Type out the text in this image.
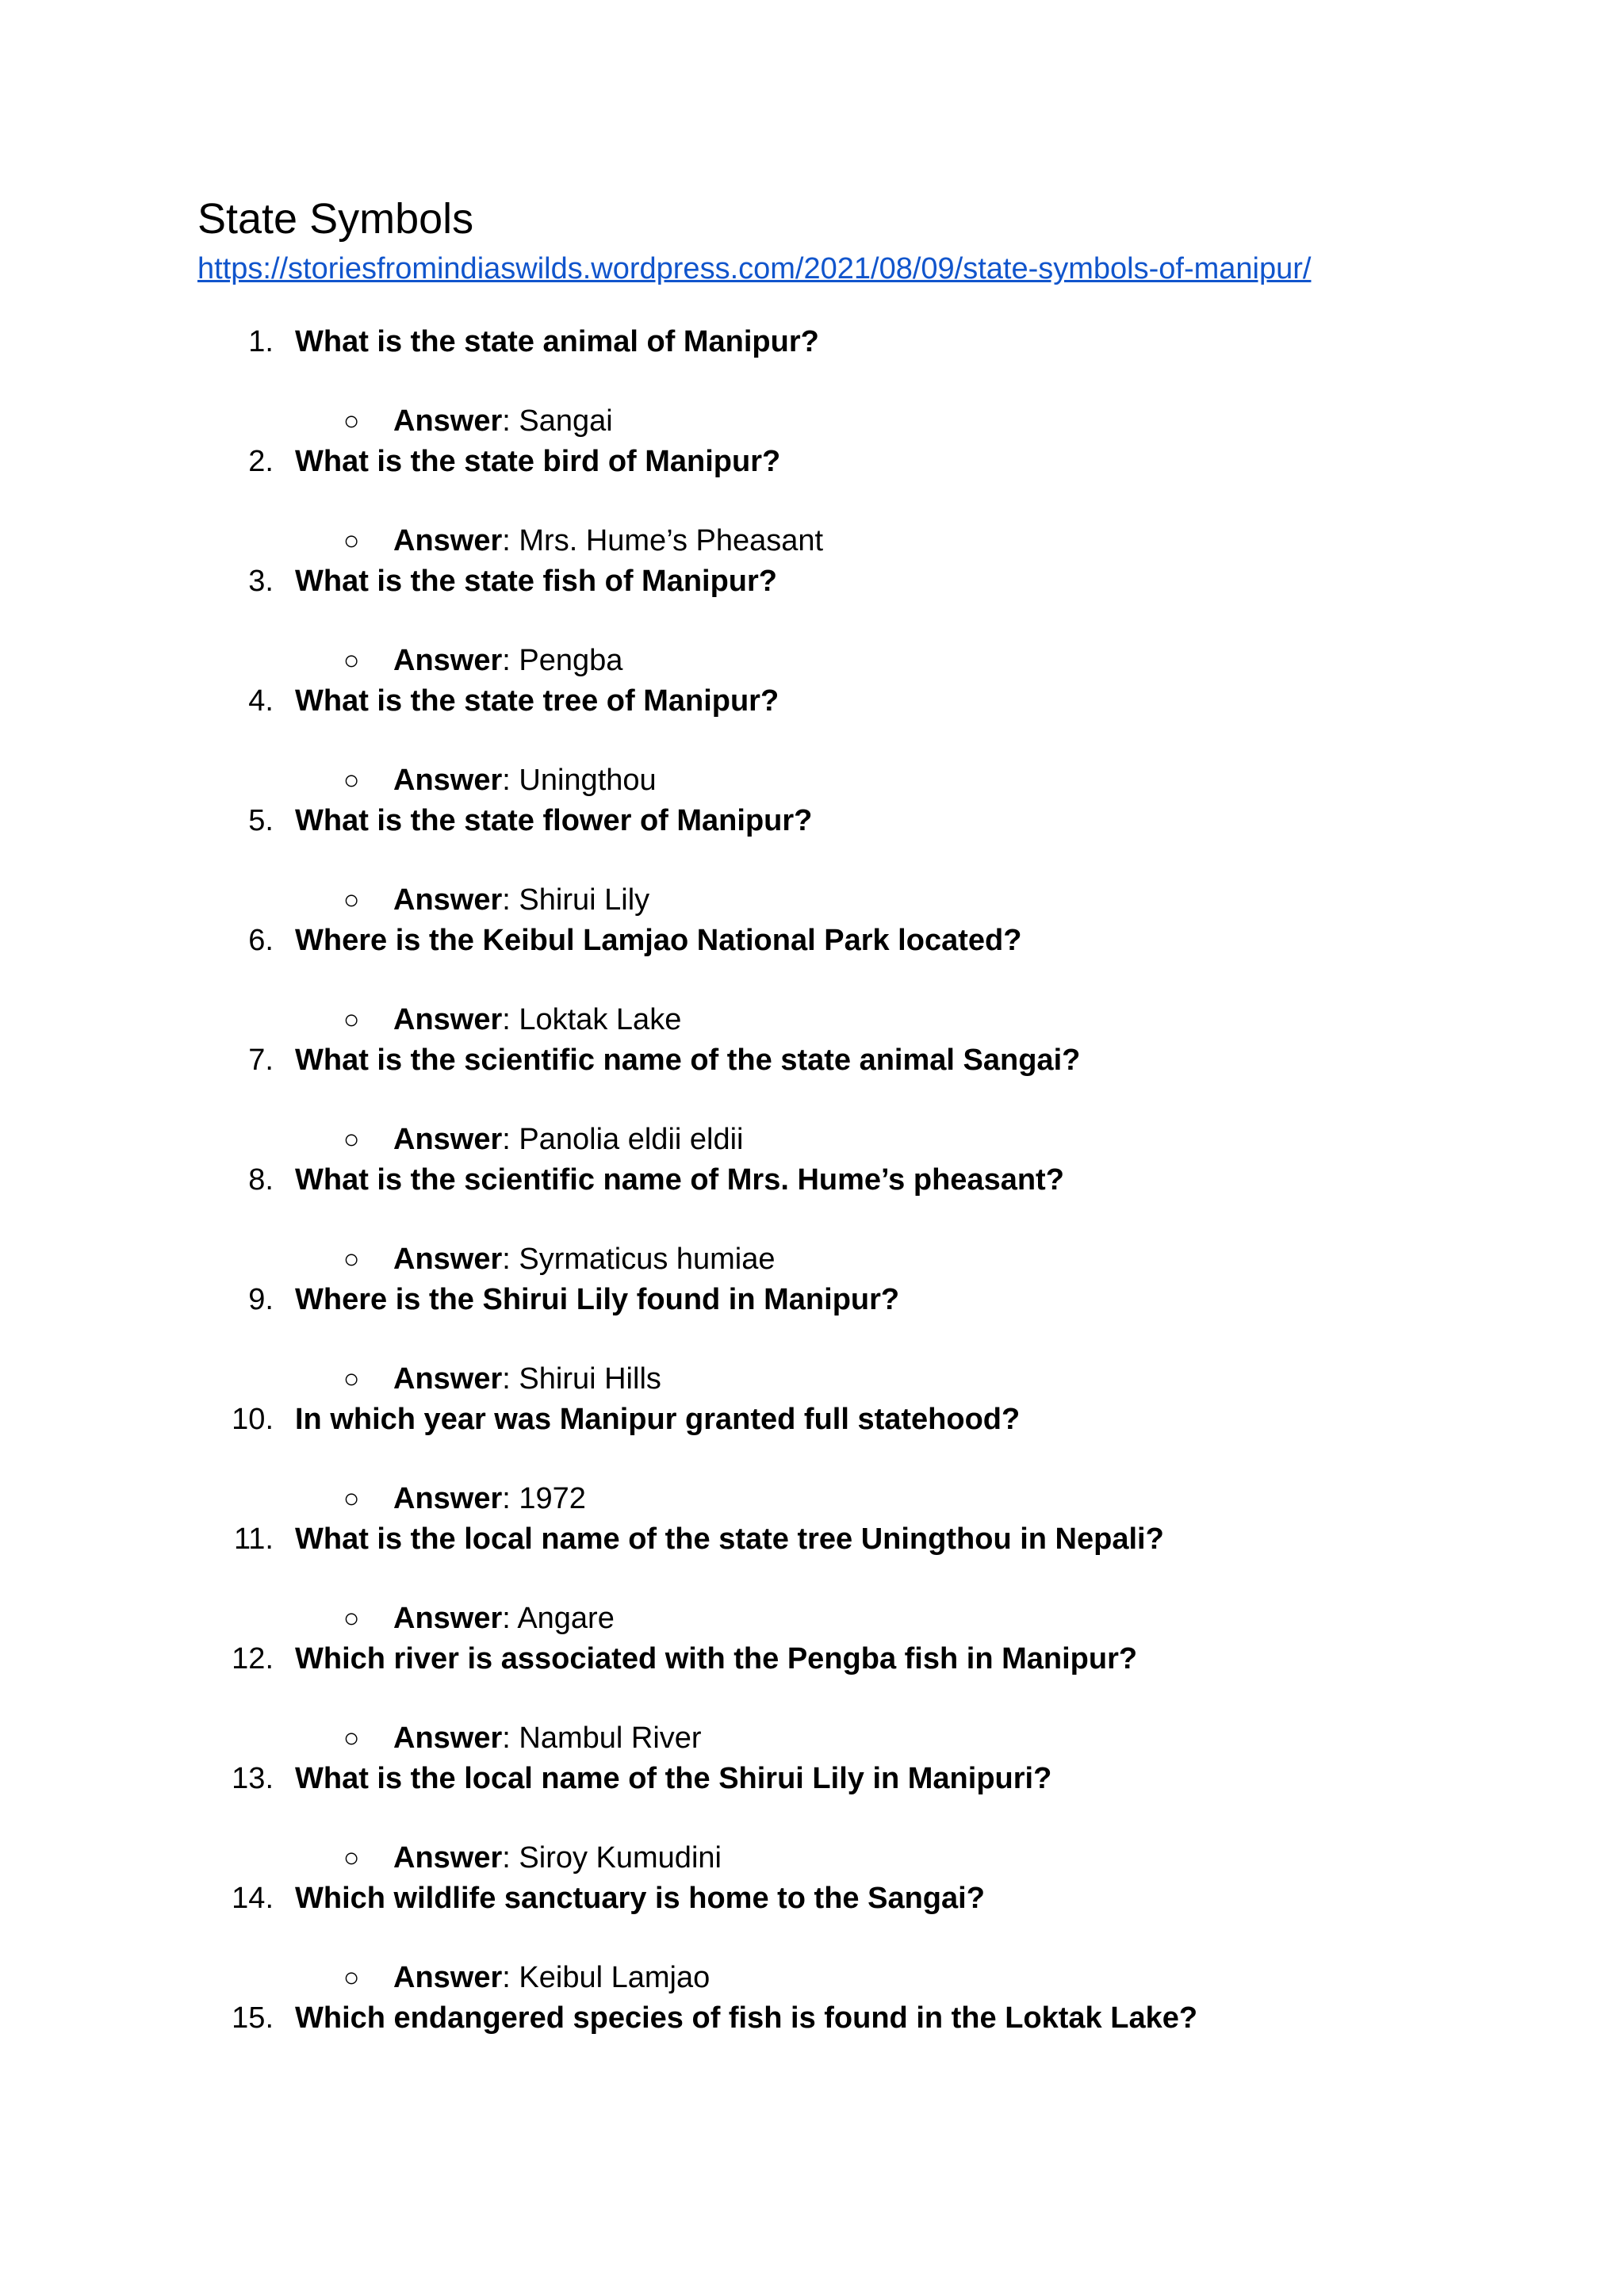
State Symbols
https://storiesfromindiaswilds.wordpress.com/2021/08/09/state-symbols-of-manipur/
1. What is the state animal of Manipur?
○ Answer: Sangai
2. What is the state bird of Manipur?
○ Answer: Mrs. Hume’s Pheasant
3. What is the state fish of Manipur?
○ Answer: Pengba
4. What is the state tree of Manipur?
○ Answer: Uningthou
5. What is the state flower of Manipur?
○ Answer: Shirui Lily
6. Where is the Keibul Lamjao National Park located?
○ Answer: Loktak Lake
7. What is the scientific name of the state animal Sangai?
○ Answer: Panolia eldii eldii
8. What is the scientific name of Mrs. Hume’s pheasant?
○ Answer: Syrmaticus humiae
9. Where is the Shirui Lily found in Manipur?
○ Answer: Shirui Hills
10. In which year was Manipur granted full statehood?
○ Answer: 1972
11. What is the local name of the state tree Uningthou in Nepali?
○ Answer: Angare
12. Which river is associated with the Pengba fish in Manipur?
○ Answer: Nambul River
13. What is the local name of the Shirui Lily in Manipuri?
○ Answer: Siroy Kumudini
14. Which wildlife sanctuary is home to the Sangai?
○ Answer: Keibul Lamjao
15. Which endangered species of fish is found in the Loktak Lake?
